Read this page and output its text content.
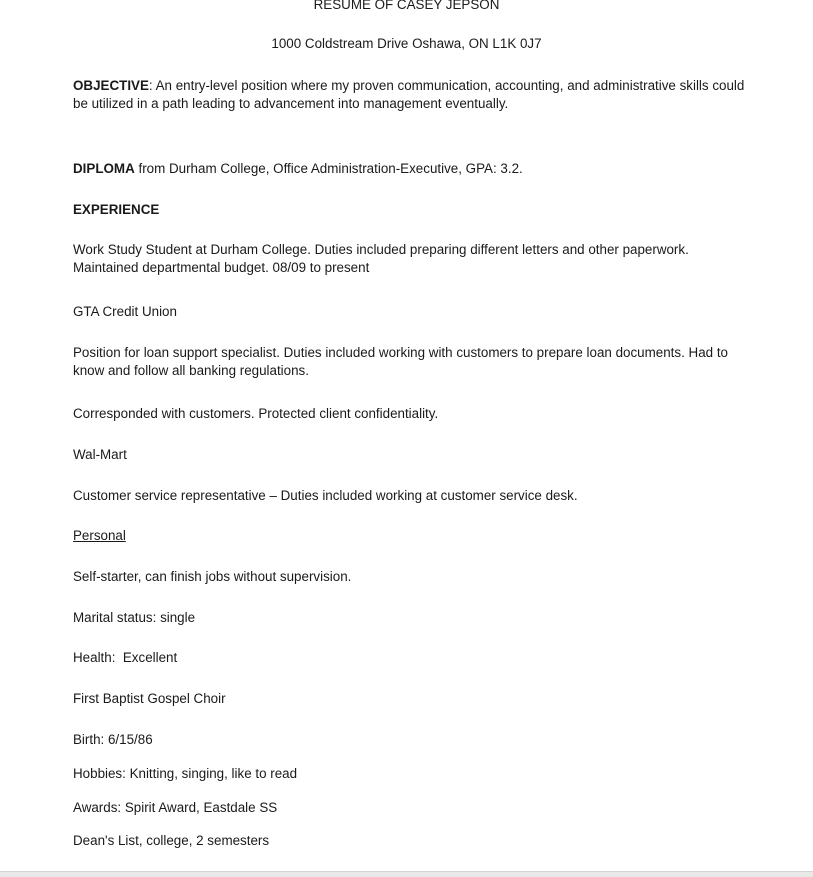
RESUME OF CASEY JEPSON

1000 Coldstream Drive Oshawa, ON L1K 0J7

OBJECTIVE: An entry-level position where my proven communication, accounting, and administrative skills could be utilized in a path leading to advancement into management eventually.

DIPLOMA from Durham College, Office Administration-Executive, GPA: 3.2.

EXPERIENCE

Work Study Student at Durham College. Duties included preparing different letters and other paperwork. Maintained departmental budget. 08/09 to present

GTA Credit Union

Position for loan support specialist. Duties included working with customers to prepare loan documents. Had to know and follow all banking regulations.

Corresponded with customers. Protected client confidentiality.

Wal-Mart

Customer service representative – Duties included working at customer service desk.

Personal

Self-starter, can finish jobs without supervision.

Marital status: single

Health:  Excellent

First Baptist Gospel Choir

Birth: 6/15/86

Hobbies: Knitting, singing, like to read

Awards: Spirit Award, Eastdale SS

Dean's List, college, 2 semesters
